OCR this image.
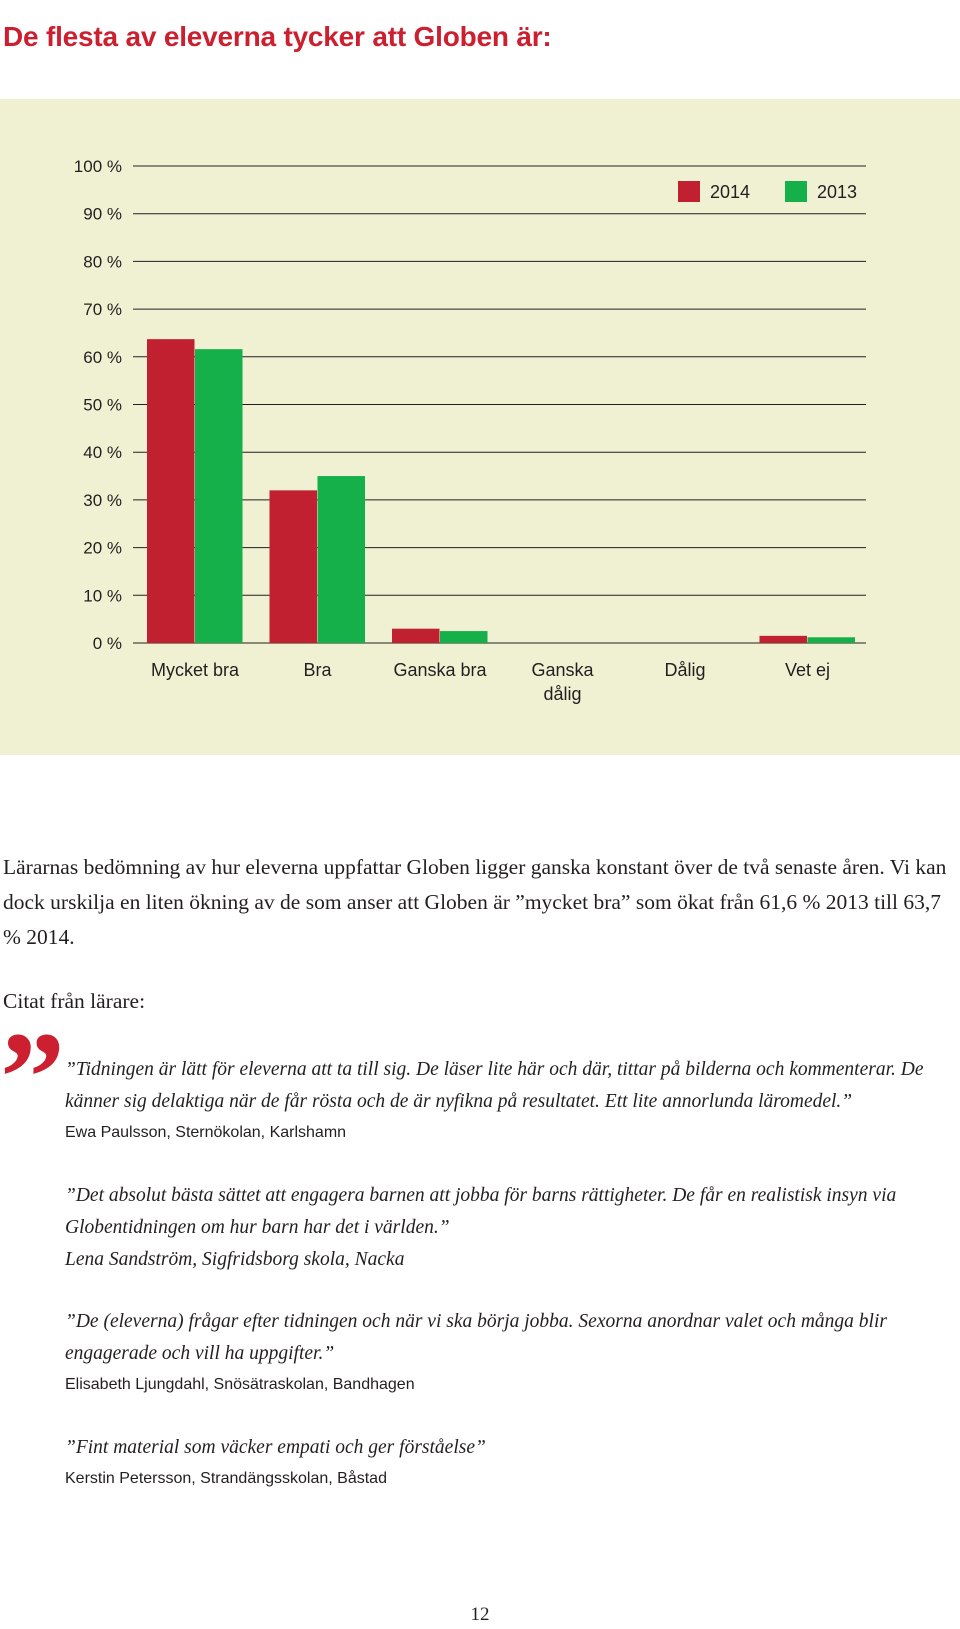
De flesta av eleverna tycker att Globen är:
0 %
10 %
20 %
30 %
40 %
50 %
60 %
70 %
80 %
90 %
100 %
Mycket bra	Bra	Ganska bra Ganska dålig
Dålig	Vet ej
2014	2013

Lärarnas bedömning av hur eleverna uppfattar Globen ligger ganska konstant över de två senaste åren. Vi kan dock urskilja en liten ökning av de som anser att Globen är ”mycket bra” som ökat från 61,6 % 2013 till 63,7 % 2014.

Citat från lärare:

” ”Tidningen är lätt för eleverna att ta till sig. De läser lite här och där, tittar på bilderna och kommenterar. De känner sig delaktiga när de får rösta och de är nyfikna på resultatet. Ett lite annorlunda läromedel.”

Ewa Paulsson, Sternökolan, Karlshamn

”Det absolut bästa sättet att engagera barnen att jobba för barns rättigheter. De får en realistisk insyn via Globentidningen om hur barn har det i världen.”

Lena Sandström, Sigfridsborg skola, Nacka

”De (eleverna) frågar efter tidningen och när vi ska börja jobba. Sexorna anordnar valet och många blir engagerade och vill ha uppgifter.”

Elisabeth Ljungdahl, Snösätraskolan, Bandhagen

”Fint material som väcker empati och ger förståelse”

Kerstin Petersson, Strandängsskolan, Båstad

12
